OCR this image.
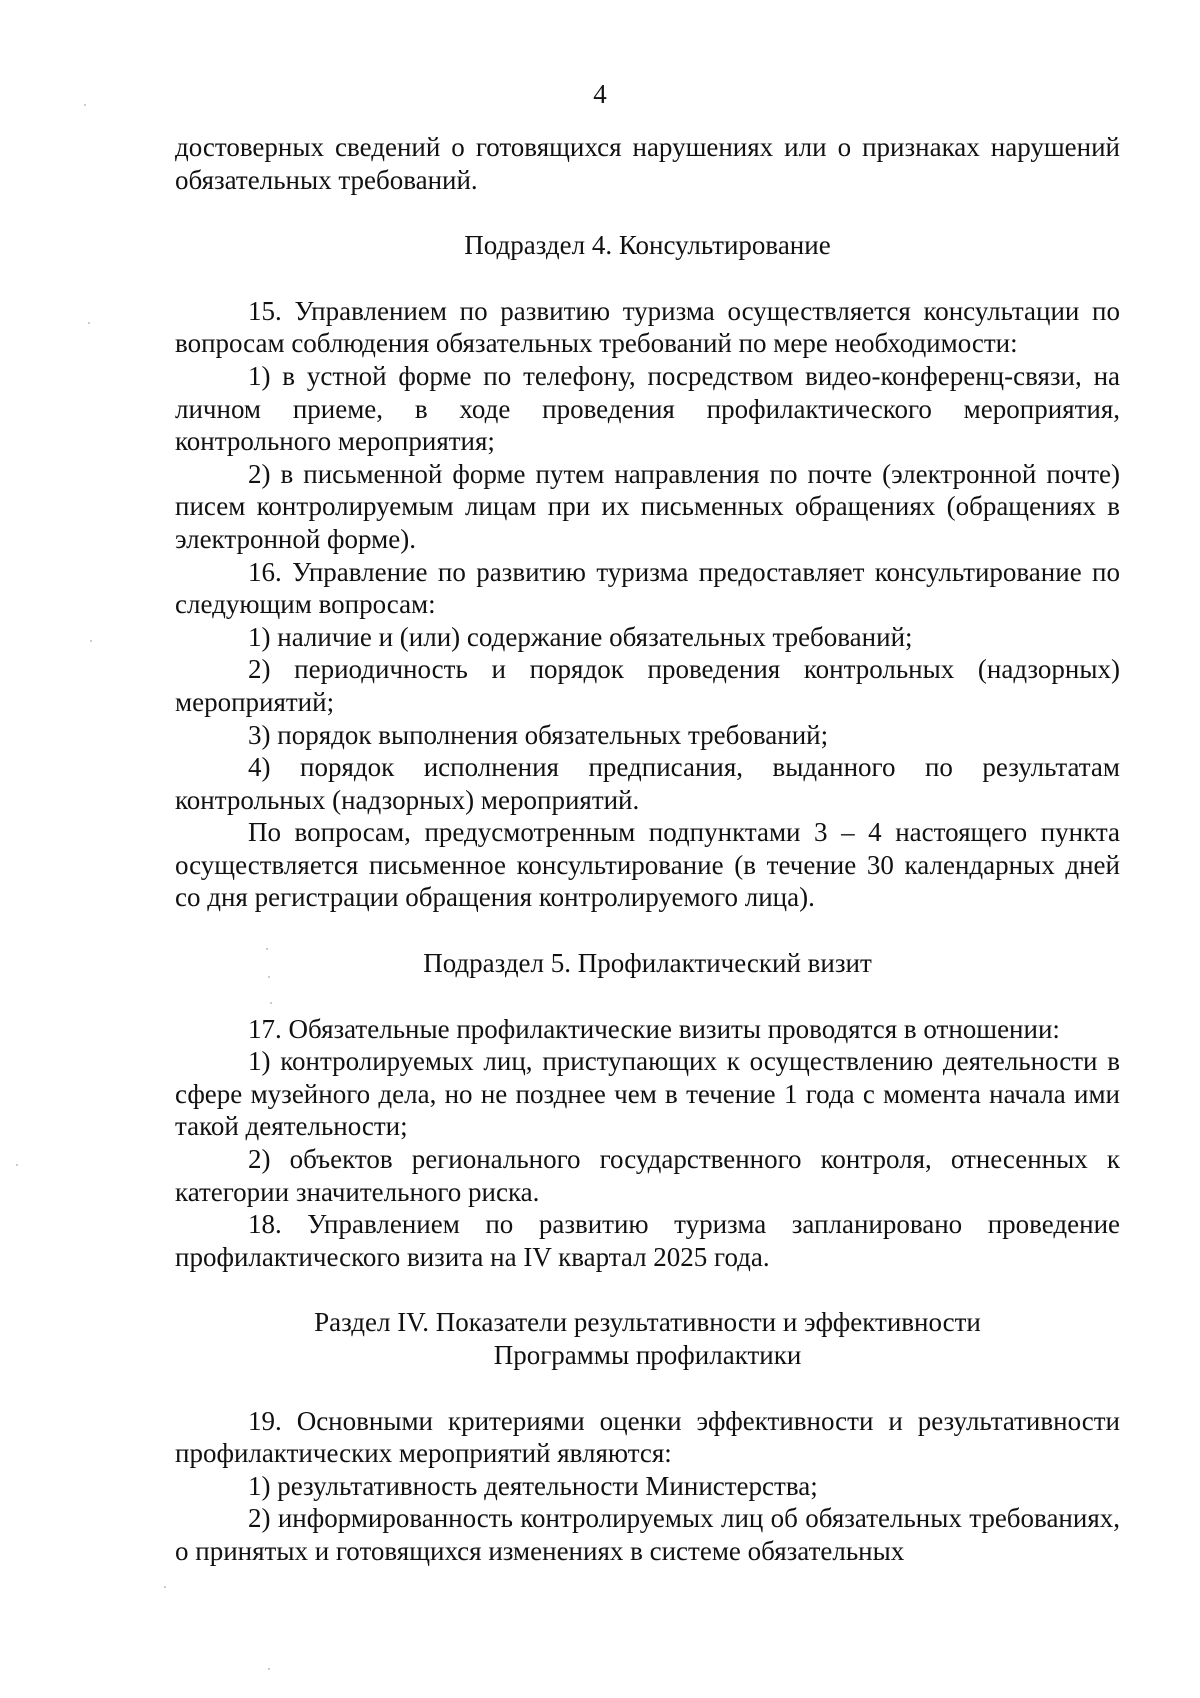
4

достоверных сведений о готовящихся нарушениях или о признаках нарушений обязательных требований.

Подраздел 4. Консультирование

15. Управлением по развитию туризма осуществляется консультации по вопросам соблюдения обязательных требований по мере необходимости:

1) в устной форме по телефону, посредством видео-конференц-связи, на личном приеме, в ходе проведения профилактического мероприятия, контрольного мероприятия;

2) в письменной форме путем направления по почте (электронной почте) писем контролируемым лицам при их письменных обращениях (обращениях в электронной форме).

16. Управление по развитию туризма предоставляет консультирование по следующим вопросам:

1) наличие и (или) содержание обязательных требований;

2) периодичность и порядок проведения контрольных (надзорных) мероприятий;

3) порядок выполнения обязательных требований;

4) порядок исполнения предписания, выданного по результатам контрольных (надзорных) мероприятий.

По вопросам, предусмотренным подпунктами 3 – 4 настоящего пункта осуществляется письменное консультирование (в течение 30 календарных дней со дня регистрации обращения контролируемого лица).

Подраздел 5. Профилактический визит

17. Обязательные профилактические визиты проводятся в отношении:

1) контролируемых лиц, приступающих к осуществлению деятельности в сфере музейного дела, но не позднее чем в течение 1 года с момента начала ими такой деятельности;

2) объектов регионального государственного контроля, отнесенных к категории значительного риска.

18. Управлением по развитию туризма запланировано проведение профилактического визита на IV квартал 2025 года.

Раздел IV. Показатели результативности и эффективности
Программы профилактики

19. Основными критериями оценки эффективности и результативности профилактических мероприятий являются:

1) результативность деятельности Министерства;

2) информированность контролируемых лиц об обязательных требованиях, о принятых и готовящихся изменениях в системе обязательных
